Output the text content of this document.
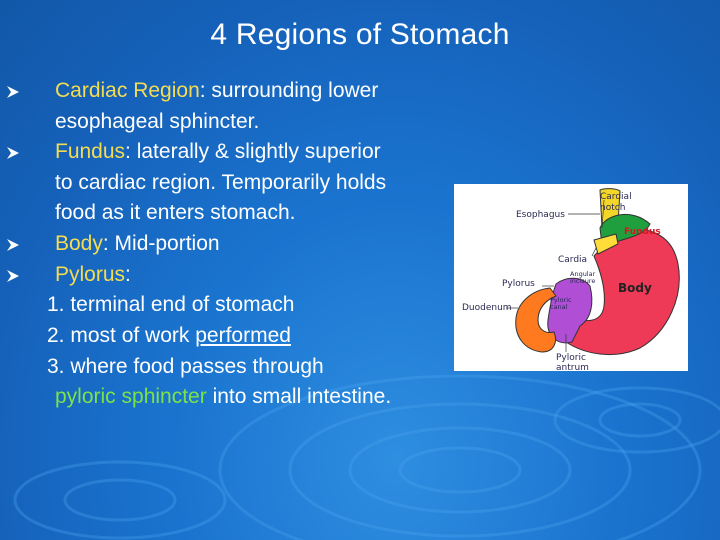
4 Regions of Stomach
Cardiac Region: surrounding lower
esophageal sphincter.
Fundus: laterally & slightly superior
to cardiac region. Temporarily holds
food as it enters stomach.
Body: Mid-portion
Pylorus:
1. terminal end of stomach
2. most of work performed
3. where food passes through
pyloric sphincter into small intestine.
Esophagus
Cardial
notch
Fundus
Cardia
Angular
incisure
Pylorus	Body
Duodenum
Pyloric
canal
Pyloric
antrum
